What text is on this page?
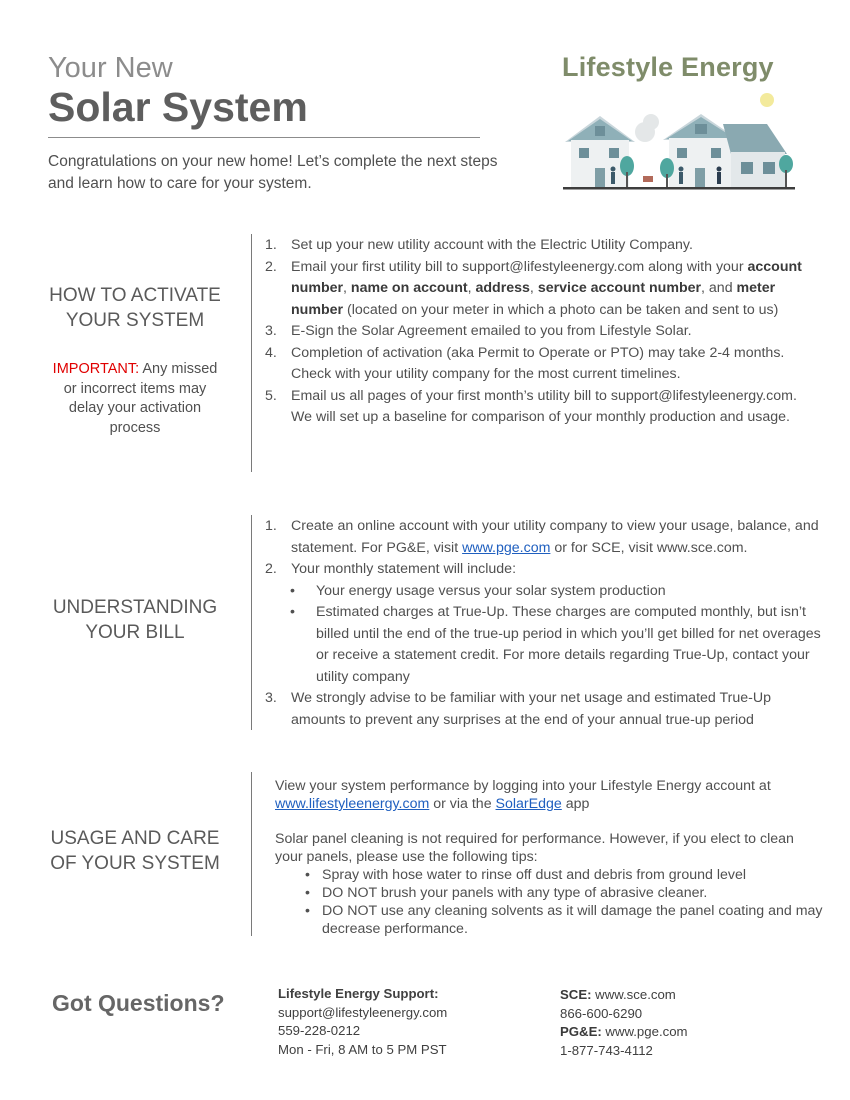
Your New
Solar System
Congratulations on your new home! Let’s complete the next steps and learn how to care for your system.
Lifestyle Energy
HOW TO ACTIVATE YOUR SYSTEM
IMPORTANT: Any missed or incorrect items may delay your activation process
1. Set up your new utility account with the Electric Utility Company.
2. Email your first utility bill to support@lifestyleenergy.com along with your account number, name on account, address, service account number, and meter number (located on your meter in which a photo can be taken and sent to us)
3. E-Sign the Solar Agreement emailed to you from Lifestyle Solar.
4. Completion of activation (aka Permit to Operate or PTO) may take 2-4 months. Check with your utility company for the most current timelines.
5. Email us all pages of your first month’s utility bill to support@lifestyleenergy.com. We will set up a baseline for comparison of your monthly production and usage.
UNDERSTANDING YOUR BILL
1. Create an online account with your utility company to view your usage, balance, and statement. For PG&E, visit www.pge.com or for SCE, visit www.sce.com.
2. Your monthly statement will include:
• Your energy usage versus your solar system production
• Estimated charges at True-Up. These charges are computed monthly, but isn’t billed until the end of the true-up period in which you’ll get billed for net overages or receive a statement credit. For more details regarding True-Up, contact your utility company
3. We strongly advise to be familiar with your net usage and estimated True-Up amounts to prevent any surprises at the end of your annual true-up period
USAGE AND CARE OF YOUR SYSTEM
View your system performance by logging into your Lifestyle Energy account at www.lifestyleenergy.com or via the SolarEdge app
Solar panel cleaning is not required for performance. However, if you elect to clean your panels, please use the following tips:
• Spray with hose water to rinse off dust and debris from ground level
• DO NOT brush your panels with any type of abrasive cleaner.
• DO NOT use any cleaning solvents as it will damage the panel coating and may decrease performance.
Got Questions?	Lifestyle Energy Support:
support@lifestyleenergy.com
559-228-0212
Mon - Fri, 8 AM to 5 PM PST
SCE: www.sce.com
866-600-6290
PG&E: www.pge.com
1-877-743-4112
